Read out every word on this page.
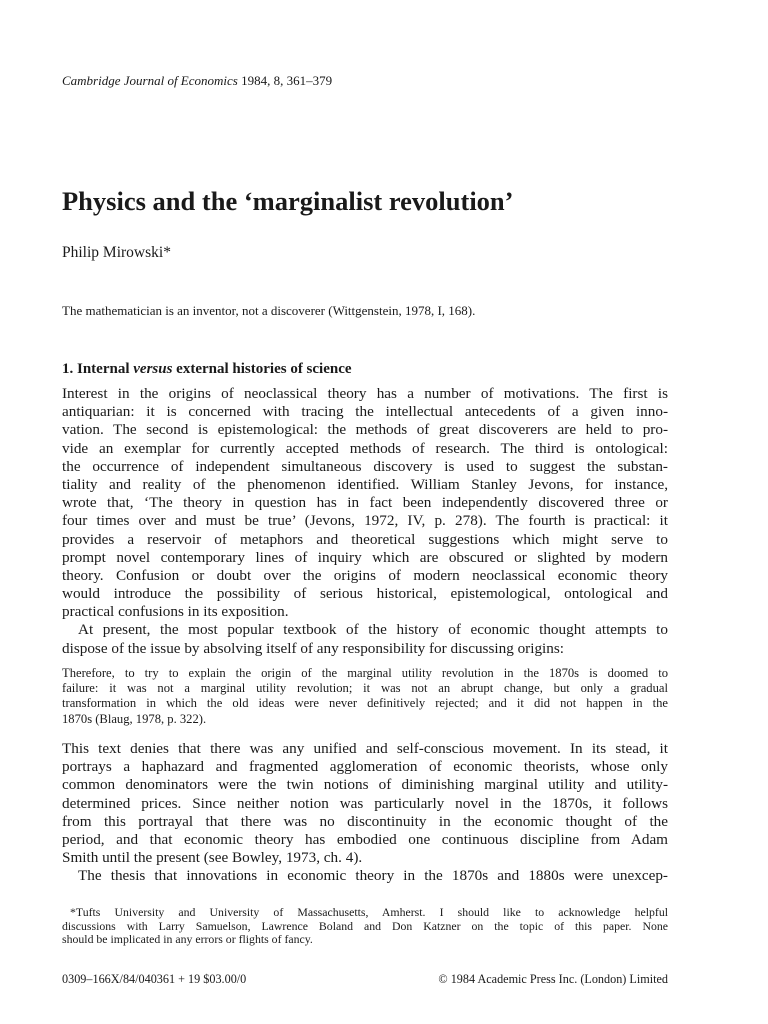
Cambridge Journal of Economics 1984, 8, 361–379
Physics and the ‘marginalist revolution’
Philip Mirowski*
The mathematician is an inventor, not a discoverer (Wittgenstein, 1978, I, 168).
1. Internal versus external histories of science
Interest in the origins of neoclassical theory has a number of motivations. The first is
antiquarian: it is concerned with tracing the intellectual antecedents of a given inno-
vation. The second is epistemological: the methods of great discoverers are held to pro-
vide an exemplar for currently accepted methods of research. The third is ontological:
the occurrence of independent simultaneous discovery is used to suggest the substan-
tiality and reality of the phenomenon identified. William Stanley Jevons, for instance,
wrote that, ‘The theory in question has in fact been independently discovered three or
four times over and must be true’ (Jevons, 1972, IV, p. 278). The fourth is practical: it
provides a reservoir of metaphors and theoretical suggestions which might serve to
prompt novel contemporary lines of inquiry which are obscured or slighted by modern
theory. Confusion or doubt over the origins of modern neoclassical economic theory
would introduce the possibility of serious historical, epistemological, ontological and
practical confusions in its exposition.
At present, the most popular textbook of the history of economic thought attempts to
dispose of the issue by absolving itself of any responsibility for discussing origins:
Therefore, to try to explain the origin of the marginal utility revolution in the 1870s is doomed to
failure: it was not a marginal utility revolution; it was not an abrupt change, but only a gradual
transformation in which the old ideas were never definitively rejected; and it did not happen in the
1870s (Blaug, 1978, p. 322).
This text denies that there was any unified and self-conscious movement. In its stead, it
portrays a haphazard and fragmented agglomeration of economic theorists, whose only
common denominators were the twin notions of diminishing marginal utility and utility-
determined prices. Since neither notion was particularly novel in the 1870s, it follows
from this portrayal that there was no discontinuity in the economic thought of the
period, and that economic theory has embodied one continuous discipline from Adam
Smith until the present (see Bowley, 1973, ch. 4).
The thesis that innovations in economic theory in the 1870s and 1880s were unexcep-
*Tufts University and University of Massachusetts, Amherst. I should like to acknowledge helpful
discussions with Larry Samuelson, Lawrence Boland and Don Katzner on the topic of this paper. None
should be implicated in any errors or flights of fancy.
0309–166X/84/040361 + 19 $03.00/0	© 1984 Academic Press Inc. (London) Limited
